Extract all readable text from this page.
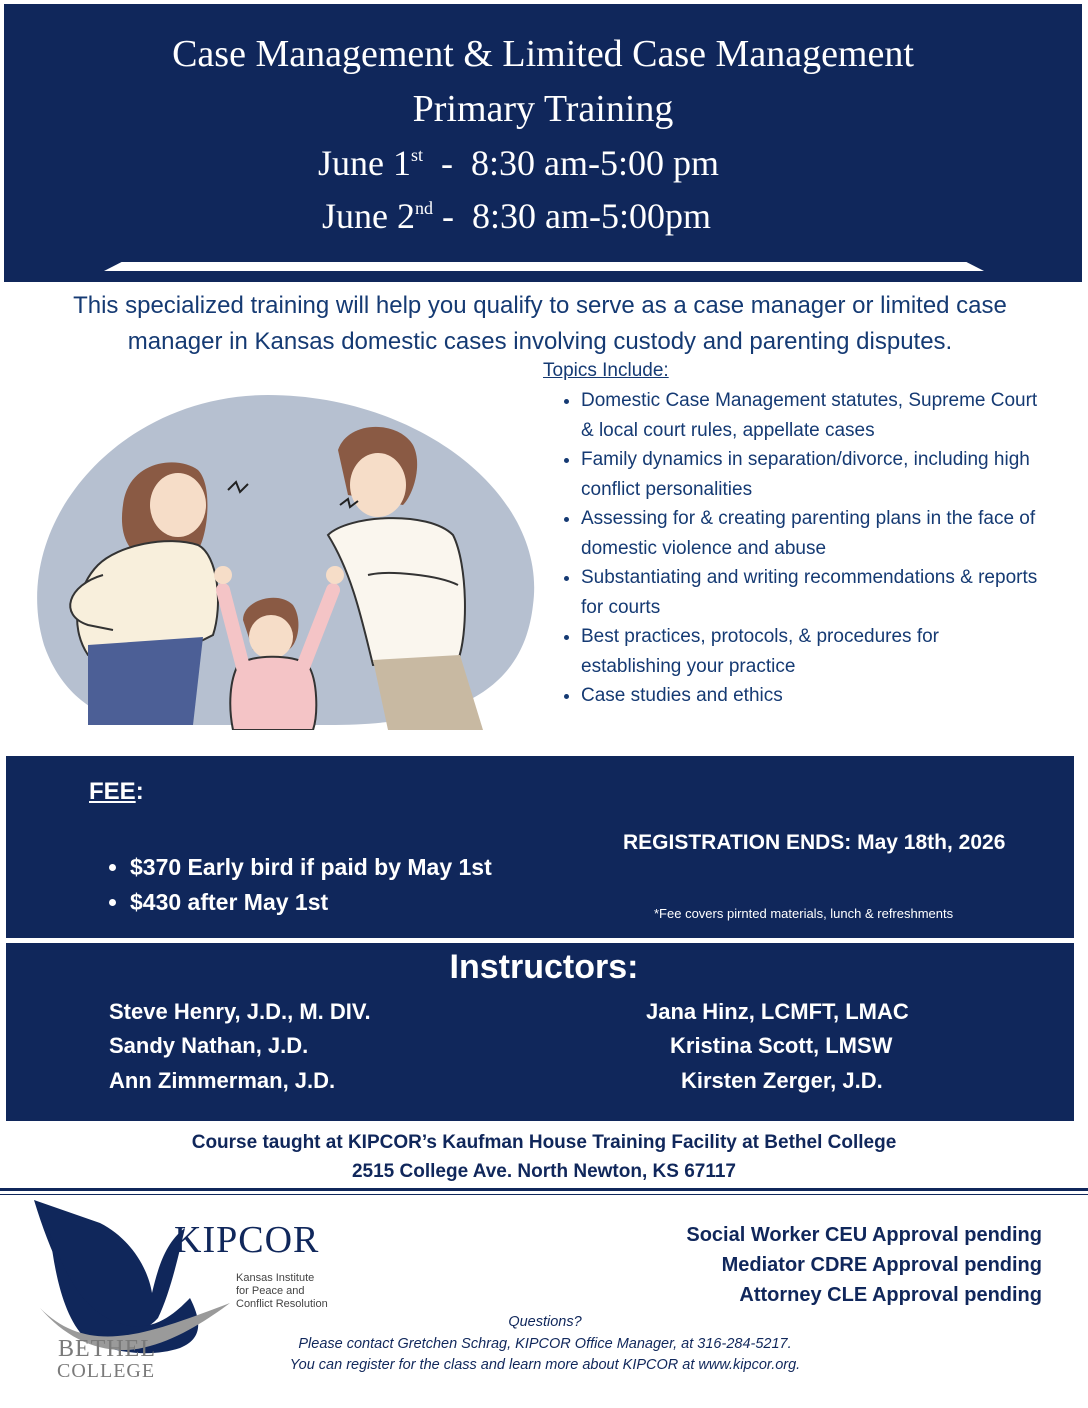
Case Management & Limited Case Management
Primary Training
June 1st  -  8:30 am-5:00 pm
June 2nd -  8:30 am-5:00pm
This specialized training will help you qualify to serve as a case manager or limited case manager in Kansas domestic cases involving custody and parenting disputes.
Topics Include:
• Domestic Case Management statutes, Supreme Court & local court rules, appellate cases
• Family dynamics in separation/divorce, including high conflict personalities
• Assessing for & creating parenting plans in the face of domestic violence and abuse
• Substantiating and writing recommendations & reports for courts
• Best practices, protocols, & procedures for establishing your practice
• Case studies and ethics
FEE:
• $370 Early bird if paid by May 1st
• $430 after May 1st
REGISTRATION ENDS: May 18th, 2026
*Fee covers pirnted materials, lunch & refreshments
Instructors:
Steve Henry, J.D., M. DIV.
Sandy Nathan, J.D.
Ann Zimmerman, J.D.
Jana Hinz, LCMFT, LMAC
Kristina Scott, LMSW
Kirsten Zerger, J.D.
Course taught at KIPCOR’s Kaufman House Training Facility at Bethel College
2515 College Ave. North Newton, KS 67117
KIPCOR
Kansas Institute
for Peace and
Conflict Resolution
BETHEL
COLLEGE
Social Worker CEU Approval pending
Mediator CDRE Approval pending
Attorney CLE Approval pending
Questions?
Please contact Gretchen Schrag, KIPCOR Office Manager, at 316-284-5217.
You can register for the class and learn more about KIPCOR at www.kipcor.org.
